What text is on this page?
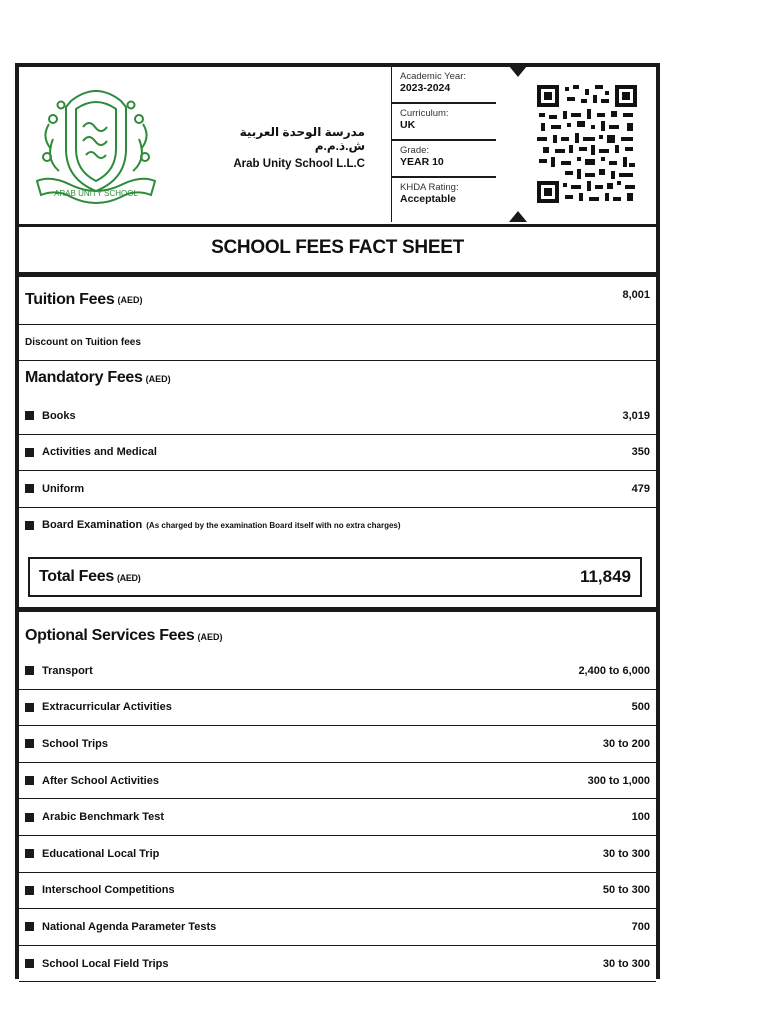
ARAB UNITY SCHOOL
مدرسة الوحدة العربية ش.ذ.م.م
Arab Unity School L.L.C
Academic Year:
2023-2024
Curriculum:
UK
Grade:
YEAR 10
KHDA Rating:
Acceptable
SCHOOL FEES FACT SHEET
Tuition Fees (AED)	8,001
Discount on Tuition fees
Mandatory Fees (AED)
Books	3,019
Activities and Medical	350
Uniform	479
Board Examination (As charged by the examination Board itself with no extra charges)
Total Fees (AED)	11,849
Optional Services Fees (AED)
Transport	2,400 to 6,000
Extracurricular Activities	500
School Trips	30 to 200
After School Activities	300 to 1,000
Arabic Benchmark Test	100
Educational Local Trip	30 to 300
Interschool Competitions	50 to 300
National Agenda Parameter Tests	700
School Local Field Trips	30 to 300
